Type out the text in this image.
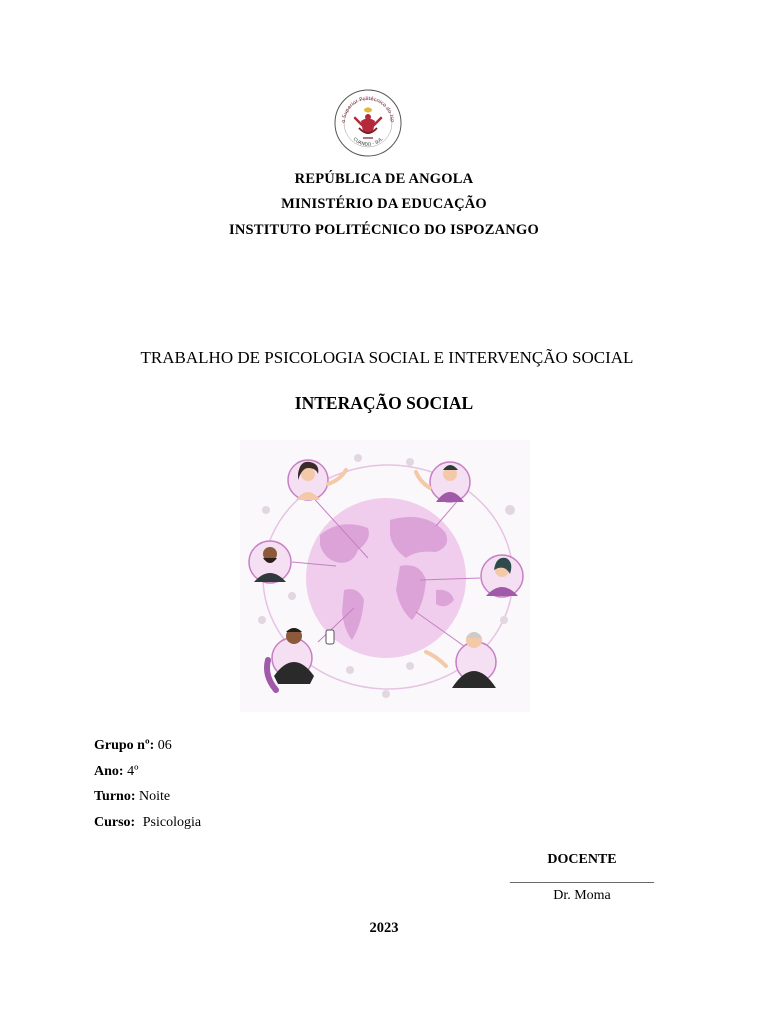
o Superior Politécnico do Isp
CUANDO - SUL
REPÚBLICA DE ANGOLA
MINISTÉRIO DA EDUCAÇÃO
INSTITUTO POLITÉCNICO DO ISPOZANGO
TRABALHO DE PSICOLOGIA SOCIAL E INTERVENÇÃO SOCIAL
INTERAÇÃO SOCIAL
Grupo nº: 06
Ano: 4º
Turno: Noite
Curso: Psicologia
DOCENTE
________________________
Dr. Moma
2023
